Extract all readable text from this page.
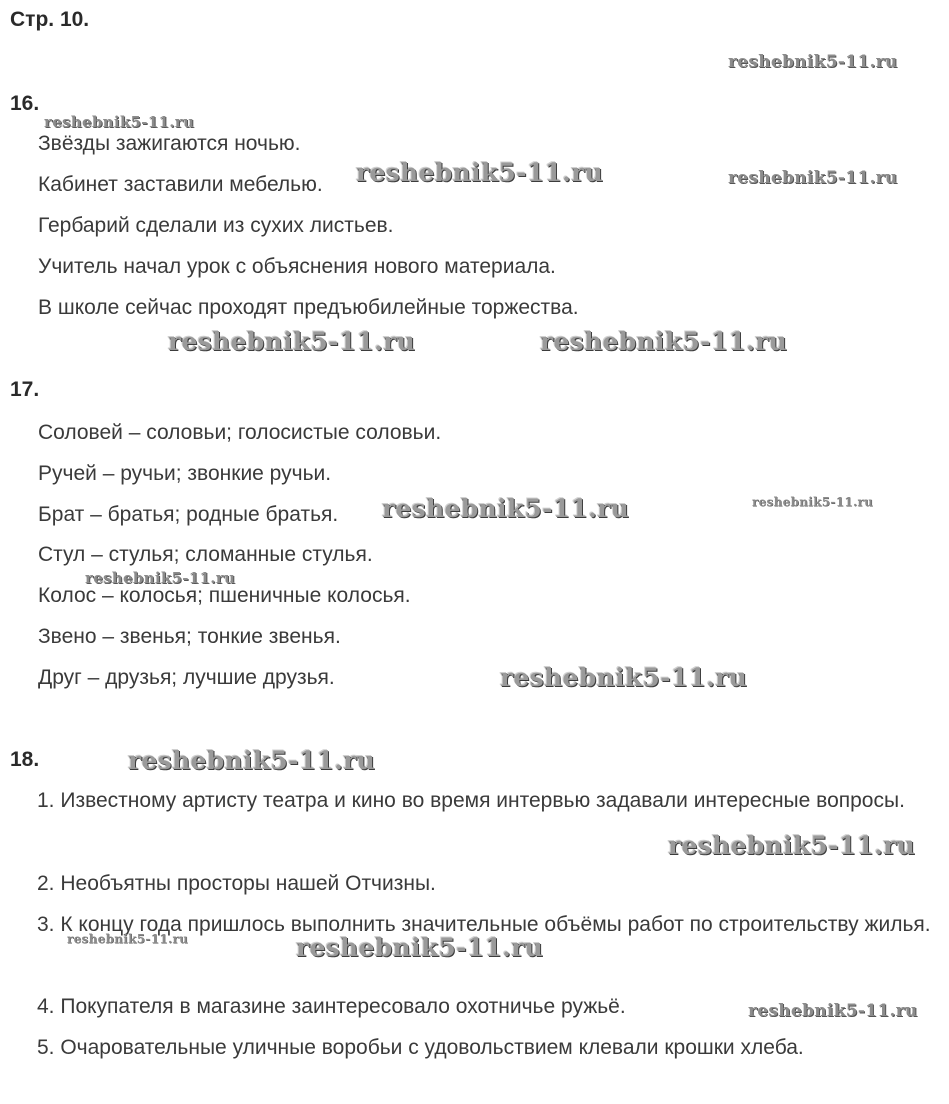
Стр. 10.
16.
Звёзды зажигаются ночью.
Кабинет заставили мебелью.
Гербарий сделали из сухих листьев.
Учитель начал урок с объяснения нового материала.
В школе сейчас проходят предъюбилейные торжества.
17.
Соловей – соловьи; голосистые соловьи.
Ручей – ручьи; звонкие ручьи.
Брат – братья; родные братья.
Стул – стулья; сломанные стулья.
Колос – колосья; пшеничные колосья.
Звено – звенья; тонкие звенья.
Друг – друзья; лучшие друзья.
18.
1. Известному артисту театра и кино во время интервью задавали интересные вопросы.
2. Необъятны просторы нашей Отчизны.
3. К концу года пришлось выполнить значительные объёмы работ по строительству жилья.
4. Покупателя в магазине заинтересовало охотничье ружьё.
5. Очаровательные уличные воробьи с удовольствием клевали крошки хлеба.
reshebnik5-11.ru
reshebnik5-11.ru
reshebnik5-11.ru	reshebnik5-11.ru
reshebnik5-11.ru	reshebnik5-11.ru
reshebnik5-11.ru	reshebnik5-11.ru
reshebnik5-11.ru
reshebnik5-11.ru
reshebnik5-11.ru
reshebnik5-11.ru
reshebnik5-11.ru	reshebnik5-11.ru
reshebnik5-11.ru
